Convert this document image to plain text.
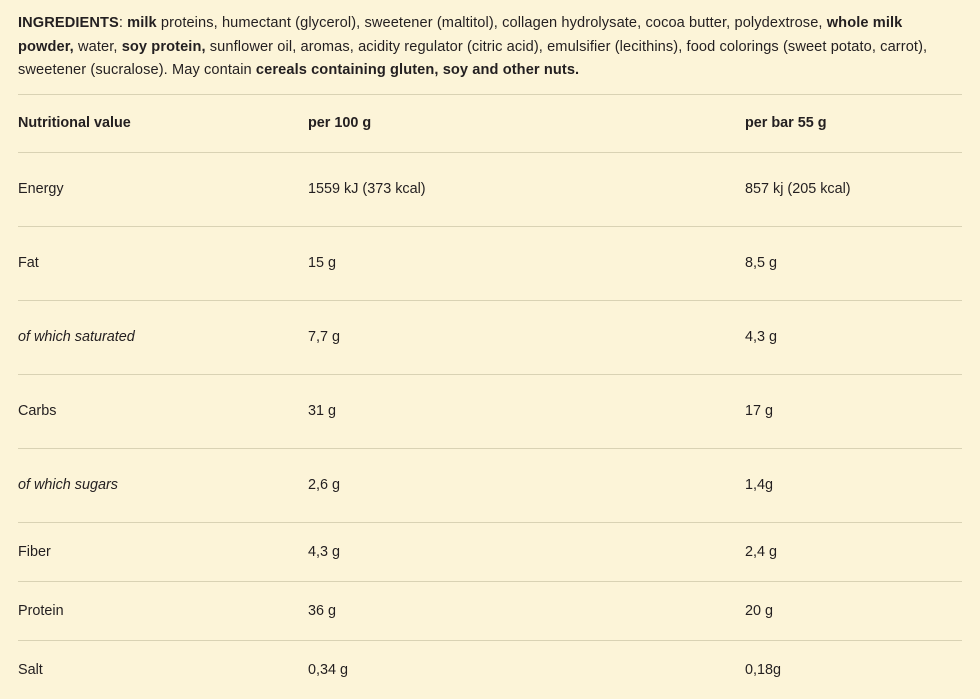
INGREDIENTS: milk proteins, humectant (glycerol), sweetener (maltitol), collagen hydrolysate, cocoa butter, polydextrose, whole milk powder, water, soy protein, sunflower oil, aromas, acidity regulator (citric acid), emulsifier (lecithins), food colorings (sweet potato, carrot), sweetener (sucralose). May contain cereals containing gluten, soy and other nuts.
Nutritional value	per 100 g	per bar 55 g
Energy	1559 kJ (373 kcal)	857 kj (205 kcal)
Fat	15 g	8,5 g
of which saturated	7,7 g	4,3 g
Carbs	31 g	17 g
of which sugars	2,6 g	1,4g
Fiber	4,3 g	2,4 g
Protein	36 g	20 g
Salt	0,34 g	0,18g
